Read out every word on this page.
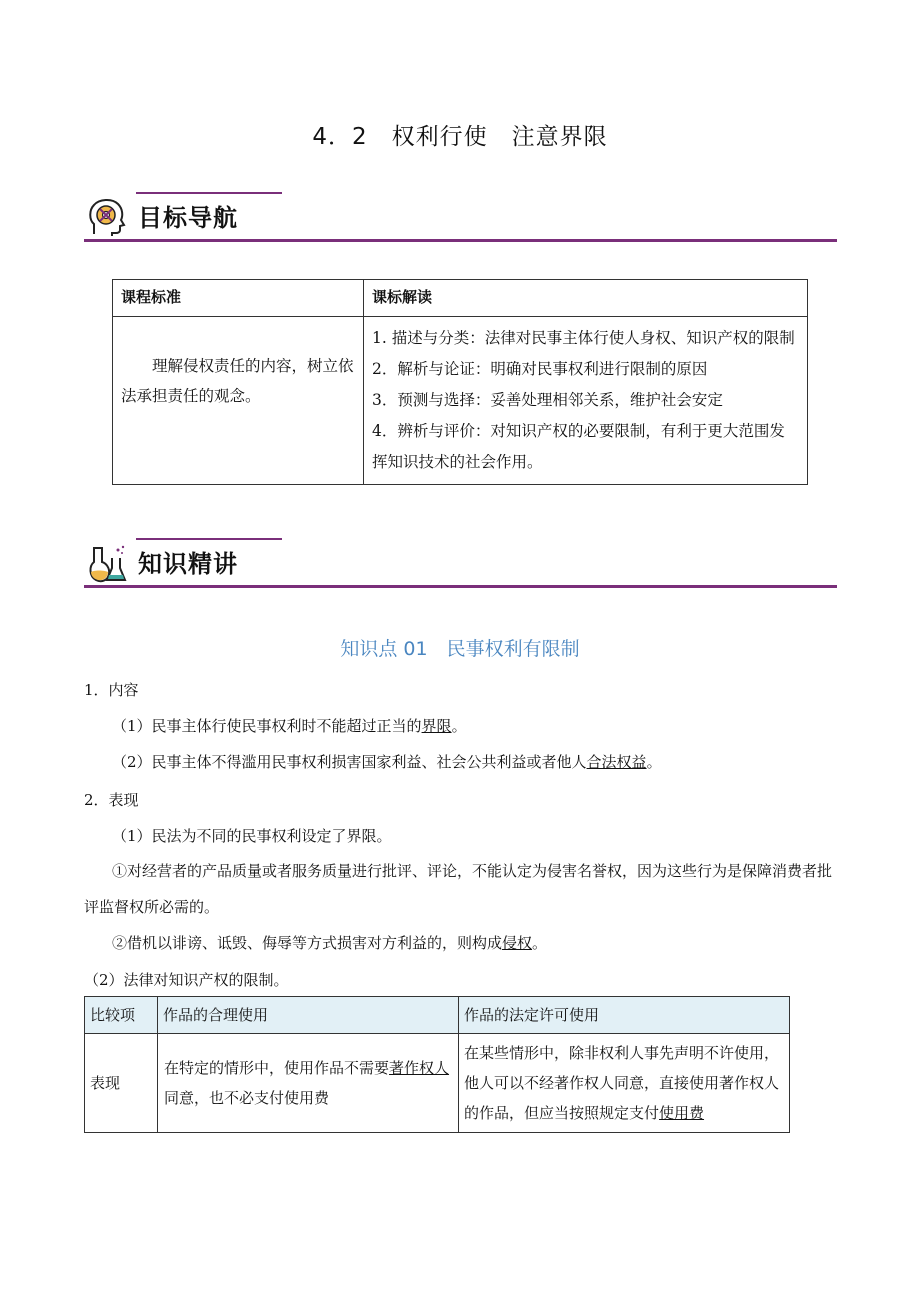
4．2　权利行使　注意界限
目标导航
课程标准	课标解读
理解侵权责任的内容，树立依法承担责任的观念。	1. 描述与分类：法律对民事主体行使人身权、知识产权的限制
2．解析与论证：明确对民事权利进行限制的原因
3．预测与选择：妥善处理相邻关系，维护社会安定
4．辨析与评价：对知识产权的必要限制，有利于更大范围发挥知识技术的社会作用。
知识精讲
知识点 01　民事权利有限制
1．内容
（1）民事主体行使民事权利时不能超过正当的界限。
（2）民事主体不得滥用民事权利损害国家利益、社会公共利益或者他人合法权益。
2．表现
（1）民法为不同的民事权利设定了界限。
①对经营者的产品质量或者服务质量进行批评、评论，不能认定为侵害名誉权，因为这些行为是保障消费者批评监督权所必需的。
②借机以诽谤、诋毁、侮辱等方式损害对方利益的，则构成侵权。
（2）法律对知识产权的限制。
比较项	作品的合理使用	作品的法定许可使用
表现	在特定的情形中，使用作品不需要著作权人同意，也不必支付使用费	在某些情形中，除非权利人事先声明不许使用，他人可以不经著作权人同意，直接使用著作权人的作品，但应当按照规定支付使用费
